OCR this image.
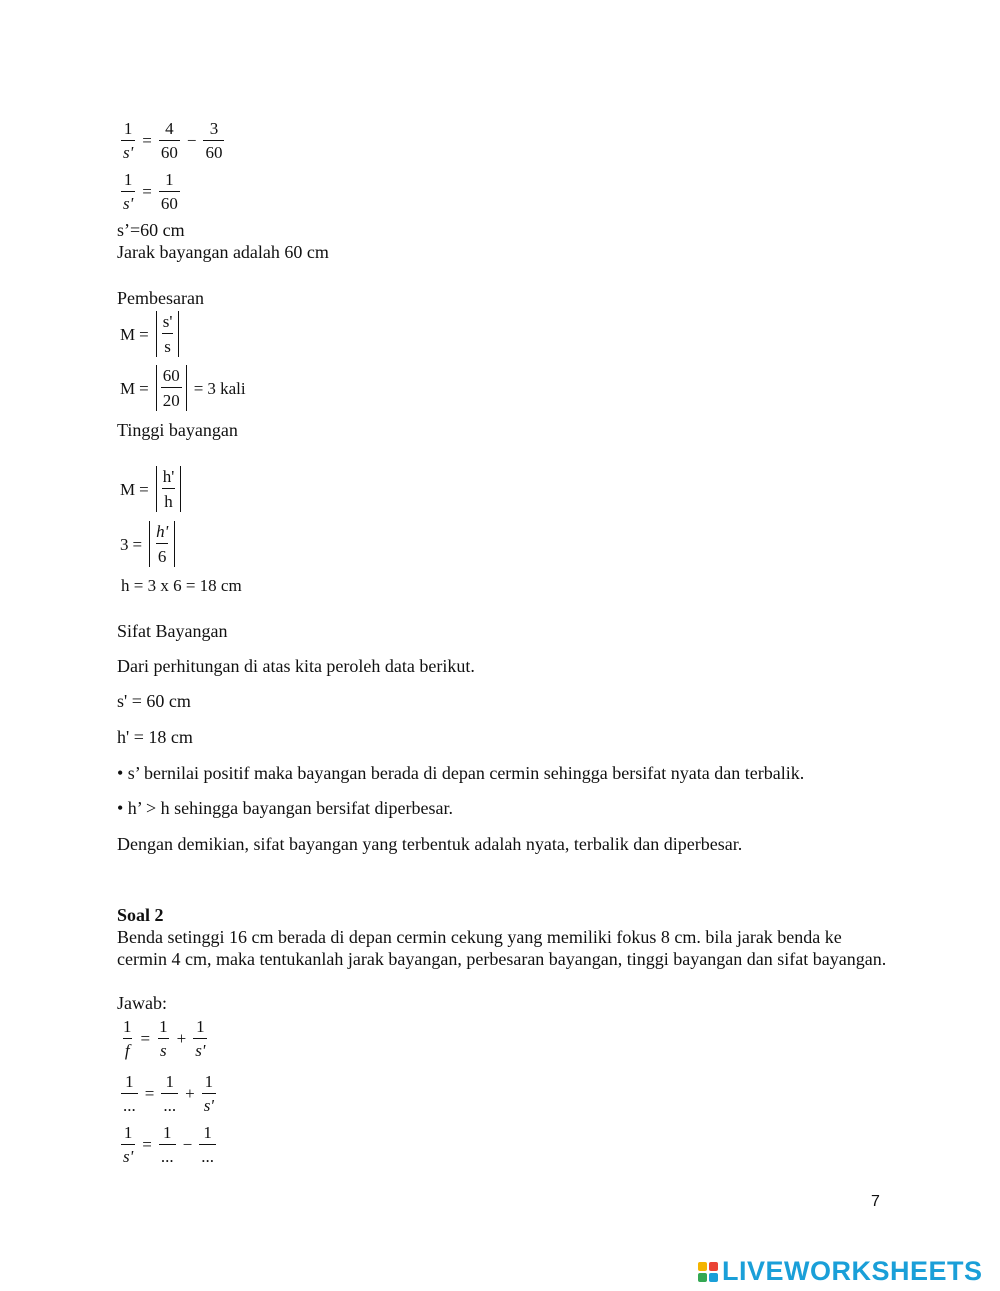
$\frac{1}{s'} = \frac{4}{60} - \frac{3}{60}$
$\frac{1}{s'} = \frac{1}{60}$
s’=60 cm
Jarak bayangan adalah 60 cm
Pembesaran
$M = \frac{s'}{s}$
$M = \frac{60}{20} = 3$ kali
Tinggi bayangan
$M = \frac{h'}{h}$
$3 = \frac{h'}{6}$
h = 3 x 6 = 18 cm
Sifat Bayangan
Dari perhitungan di atas kita peroleh data berikut.
s' = 60 cm
h' = 18 cm
• s’ bernilai positif maka bayangan berada di depan cermin sehingga bersifat nyata dan terbalik.
• h’ > h sehingga bayangan bersifat diperbesar.
Dengan demikian, sifat bayangan yang terbentuk adalah nyata, terbalik dan diperbesar.
Soal 2
Benda setinggi 16 cm berada di depan cermin cekung yang memiliki fokus 8 cm. bila jarak benda ke cermin 4 cm, maka tentukanlah jarak bayangan, perbesaran bayangan, tinggi bayangan dan sifat bayangan.
Jawab:
$\frac{1}{f} = \frac{1}{s} + \frac{1}{s'}$
$\frac{1}{...} = \frac{1}{...} + \frac{1}{s'}$
$\frac{1}{s'} = \frac{1}{...} - \frac{1}{...}$
7
LIVEWORKSHEETS
